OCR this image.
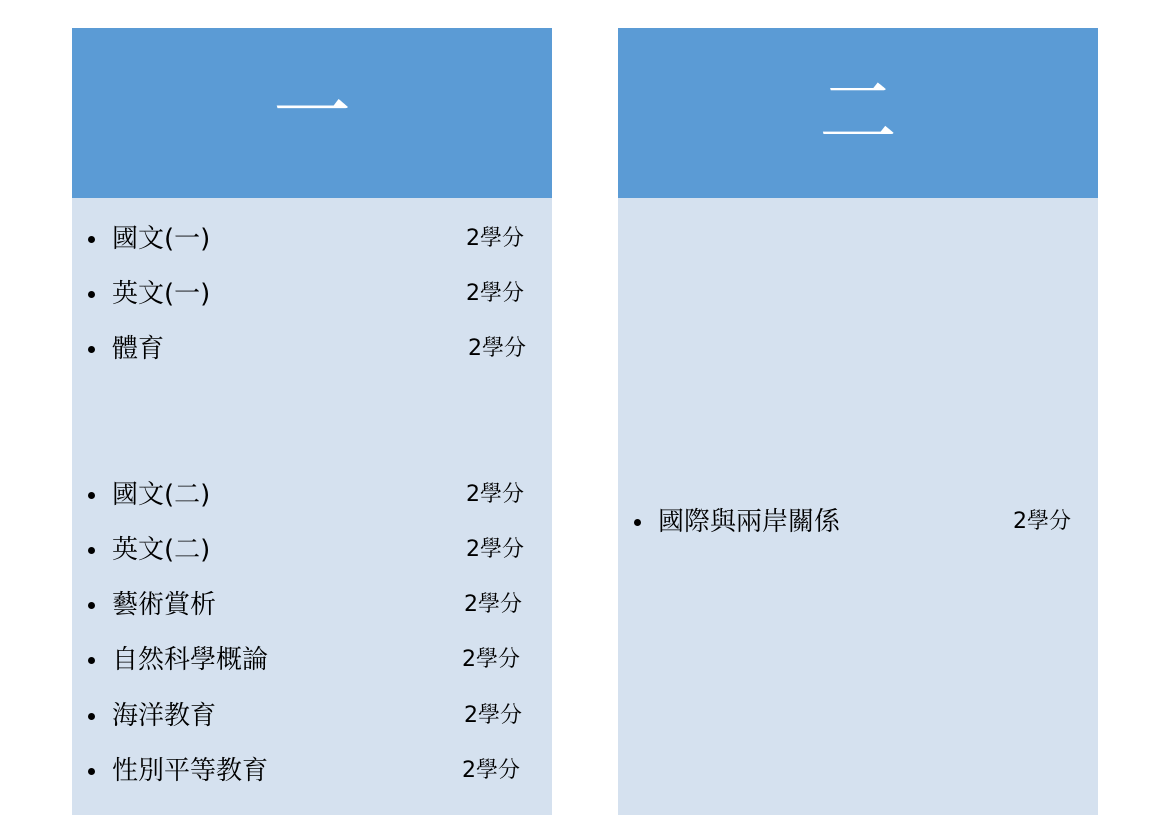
一
國文(一)	2學分
英文(一)	2學分
體育	2學分
國文(二)	2學分
英文(二)	2學分
藝術賞析	2學分
自然科學概論	2學分
海洋教育	2學分
性別平等教育	2學分
二
國際與兩岸關係	2學分
